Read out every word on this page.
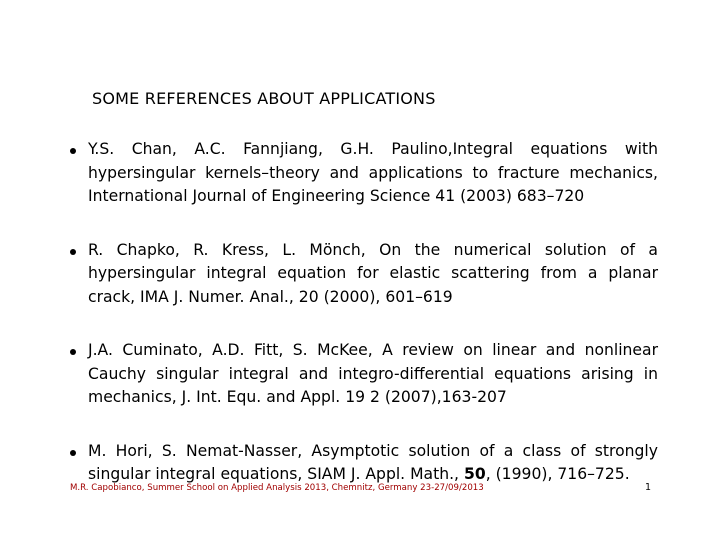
SOME REFERENCES ABOUT APPLICATIONS
Y.S. Chan, A.C. Fannjiang, G.H. Paulino,Integral equations with hypersingular kernels–theory and applications to fracture mechanics, International Journal of Engineering Science 41 (2003) 683–720
R. Chapko, R. Kress, L. Mönch, On the numerical solution of a hypersingular integral equation for elastic scattering from a planar crack, IMA J. Numer. Anal., 20 (2000), 601–619
J.A. Cuminato, A.D. Fitt, S. McKee, A review on linear and nonlinear Cauchy singular integral and integro-differential equations arising in mechanics, J. Int. Equ. and Appl. 19 2 (2007),163-207
M. Hori, S. Nemat-Nasser, Asymptotic solution of a class of strongly singular integral equations, SIAM J. Appl. Math., 50, (1990), 716–725.
M.R. Capobianco, Summer School on Applied Analysis 2013, Chemnitz, Germany 23-27/09/2013	1
